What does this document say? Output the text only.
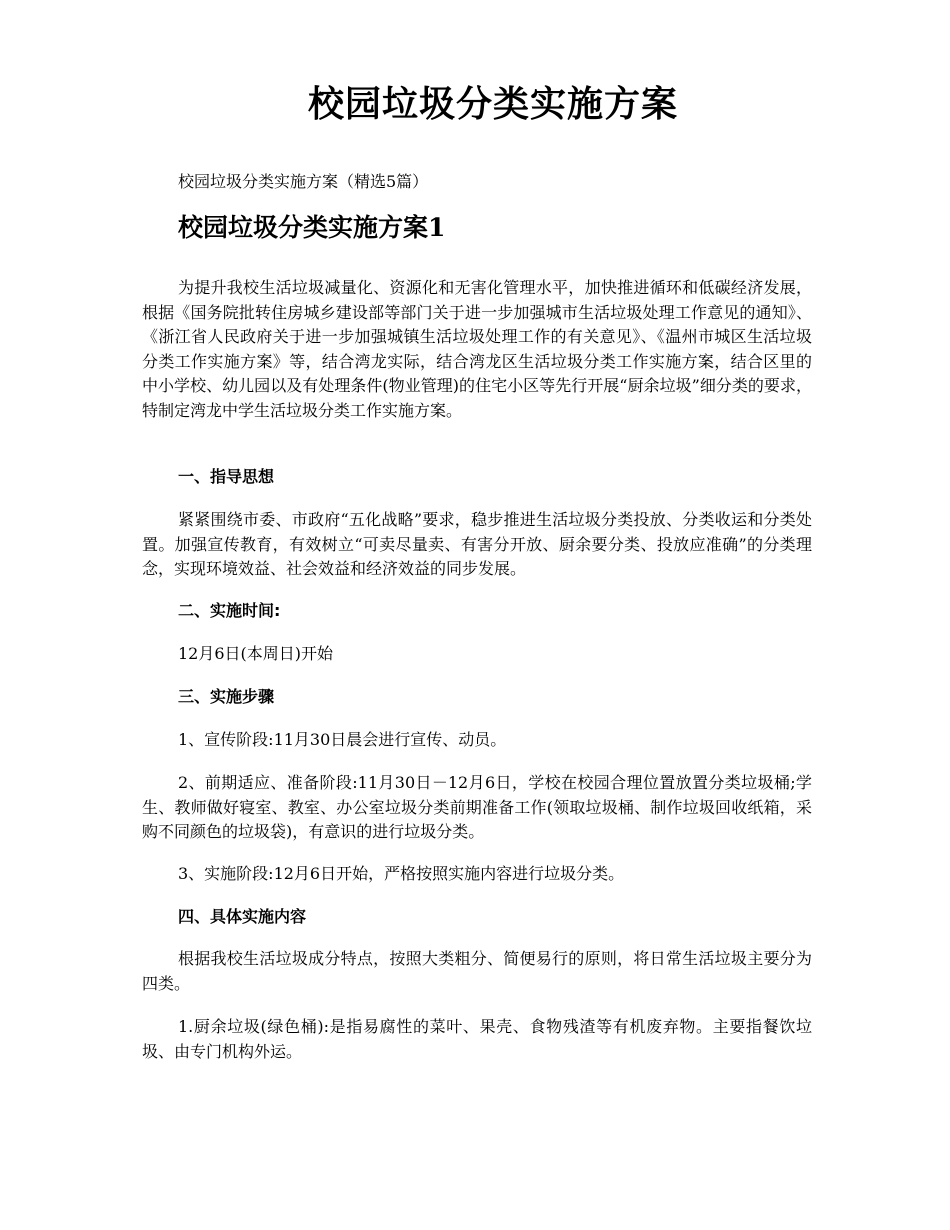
校园垃圾分类实施方案
校园垃圾分类实施方案（精选5篇）
校园垃圾分类实施方案1
为提升我校生活垃圾减量化、资源化和无害化管理水平，加快推进循环和低碳经济发展，根据《国务院批转住房城乡建设部等部门关于进一步加强城市生活垃圾处理工作意见的通知》、《浙江省人民政府关于进一步加强城镇生活垃圾处理工作的有关意见》、《温州市城区生活垃圾分类工作实施方案》等，结合湾龙实际，结合湾龙区生活垃圾分类工作实施方案，结合区里的中小学校、幼儿园以及有处理条件(物业管理)的住宅小区等先行开展“厨余垃圾”细分类的要求，特制定湾龙中学生活垃圾分类工作实施方案。
一、指导思想
紧紧围绕市委、市政府“五化战略”要求，稳步推进生活垃圾分类投放、分类收运和分类处置。加强宣传教育，有效树立“可卖尽量卖、有害分开放、厨余要分类、投放应准确”的分类理念，实现环境效益、社会效益和经济效益的同步发展。
二、实施时间:
12月6日(本周日)开始
三、实施步骤
1、宣传阶段:11月30日晨会进行宣传、动员。
2、前期适应、准备阶段:11月30日－12月6日，学校在校园合理位置放置分类垃圾桶;学生、教师做好寝室、教室、办公室垃圾分类前期准备工作(领取垃圾桶、制作垃圾回收纸箱，采购不同颜色的垃圾袋)，有意识的进行垃圾分类。
3、实施阶段:12月6日开始，严格按照实施内容进行垃圾分类。
四、具体实施内容
根据我校生活垃圾成分特点，按照大类粗分、简便易行的原则，将日常生活垃圾主要分为四类。
1.厨余垃圾(绿色桶):是指易腐性的菜叶、果壳、食物残渣等有机废弃物。主要指餐饮垃圾、由专门机构外运。
